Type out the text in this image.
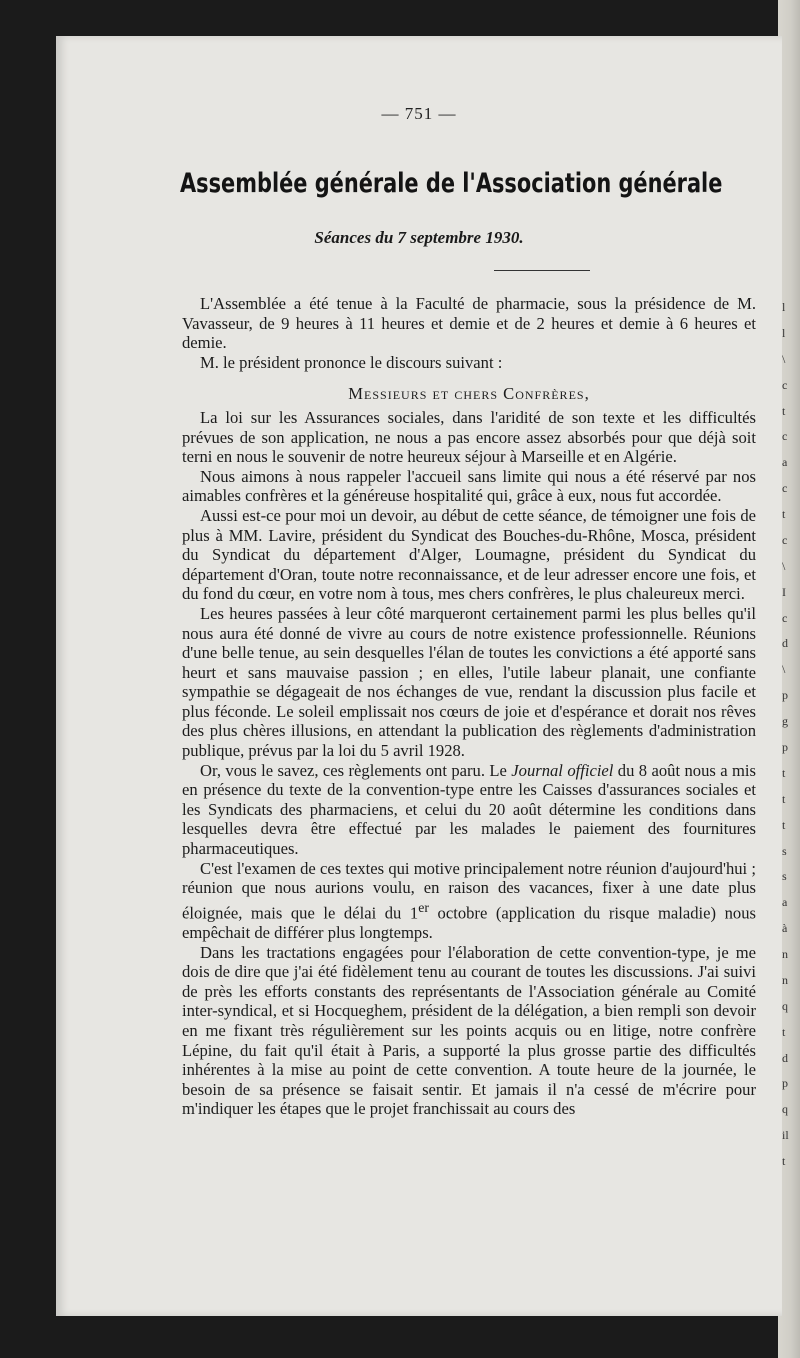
l
l
\
c
t
c
a
c
t
c
\
I
c
d
\
p
g
p
t
t
t
s
s
a
à
n
n
q
t
d
p
q
il
t
— 751 —
Assemblée générale de l'Association générale
Séances du 7 septembre 1930.

L'Assemblée a été tenue à la Faculté de pharmacie, sous la présidence de M. Vavasseur, de 9 heures à 11 heures et demie et de 2 heures et demie à 6 heures et demie.

M. le président prononce le discours suivant :

Messieurs et chers Confrères,

La loi sur les Assurances sociales, dans l'aridité de son texte et les difficultés prévues de son application, ne nous a pas encore assez absorbés pour que déjà soit terni en nous le souvenir de notre heureux séjour à Marseille et en Algérie.

Nous aimons à nous rappeler l'accueil sans limite qui nous a été réservé par nos aimables confrères et la généreuse hospitalité qui, grâce à eux, nous fut accordée.

Aussi est-ce pour moi un devoir, au début de cette séance, de témoigner une fois de plus à MM. Lavire, président du Syndicat des Bouches-du-Rhône, Mosca, président du Syndicat du département d'Alger, Loumagne, président du Syndicat du département d'Oran, toute notre reconnaissance, et de leur adresser encore une fois, et du fond du cœur, en votre nom à tous, mes chers confrères, le plus chaleureux merci.

Les heures passées à leur côté marqueront certainement parmi les plus belles qu'il nous aura été donné de vivre au cours de notre existence professionnelle. Réunions d'une belle tenue, au sein desquelles l'élan de toutes les convictions a été apporté sans heurt et sans mauvaise passion ; en elles, l'utile labeur planait, une confiante sympathie se dégageait de nos échanges de vue, rendant la discussion plus facile et plus féconde. Le soleil emplissait nos cœurs de joie et d'espérance et dorait nos rêves des plus chères illusions, en attendant la publication des règlements d'administration publique, prévus par la loi du 5 avril 1928.

Or, vous le savez, ces règlements ont paru. Le Journal officiel du 8 août nous a mis en présence du texte de la convention-type entre les Caisses d'assurances sociales et les Syndicats des pharmaciens, et celui du 20 août détermine les conditions dans lesquelles devra être effectué par les malades le paiement des fournitures pharmaceutiques.

C'est l'examen de ces textes qui motive principalement notre réunion d'aujourd'hui ; réunion que nous aurions voulu, en raison des vacances, fixer à une date plus éloignée, mais que le délai du 1er octobre (application du risque maladie) nous empêchait de différer plus longtemps.

Dans les tractations engagées pour l'élaboration de cette convention-type, je me dois de dire que j'ai été fidèlement tenu au courant de toutes les discussions. J'ai suivi de près les efforts constants des représentants de l'Association générale au Comité inter-syndical, et si Hocqueghem, président de la délégation, a bien rempli son devoir en me fixant très régulièrement sur les points acquis ou en litige, notre confrère Lépine, du fait qu'il était à Paris, a supporté la plus grosse partie des difficultés inhérentes à la mise au point de cette convention. A toute heure de la journée, le besoin de sa présence se faisait sentir. Et jamais il n'a cessé de m'écrire pour m'indiquer les étapes que le projet franchissait au cours des
